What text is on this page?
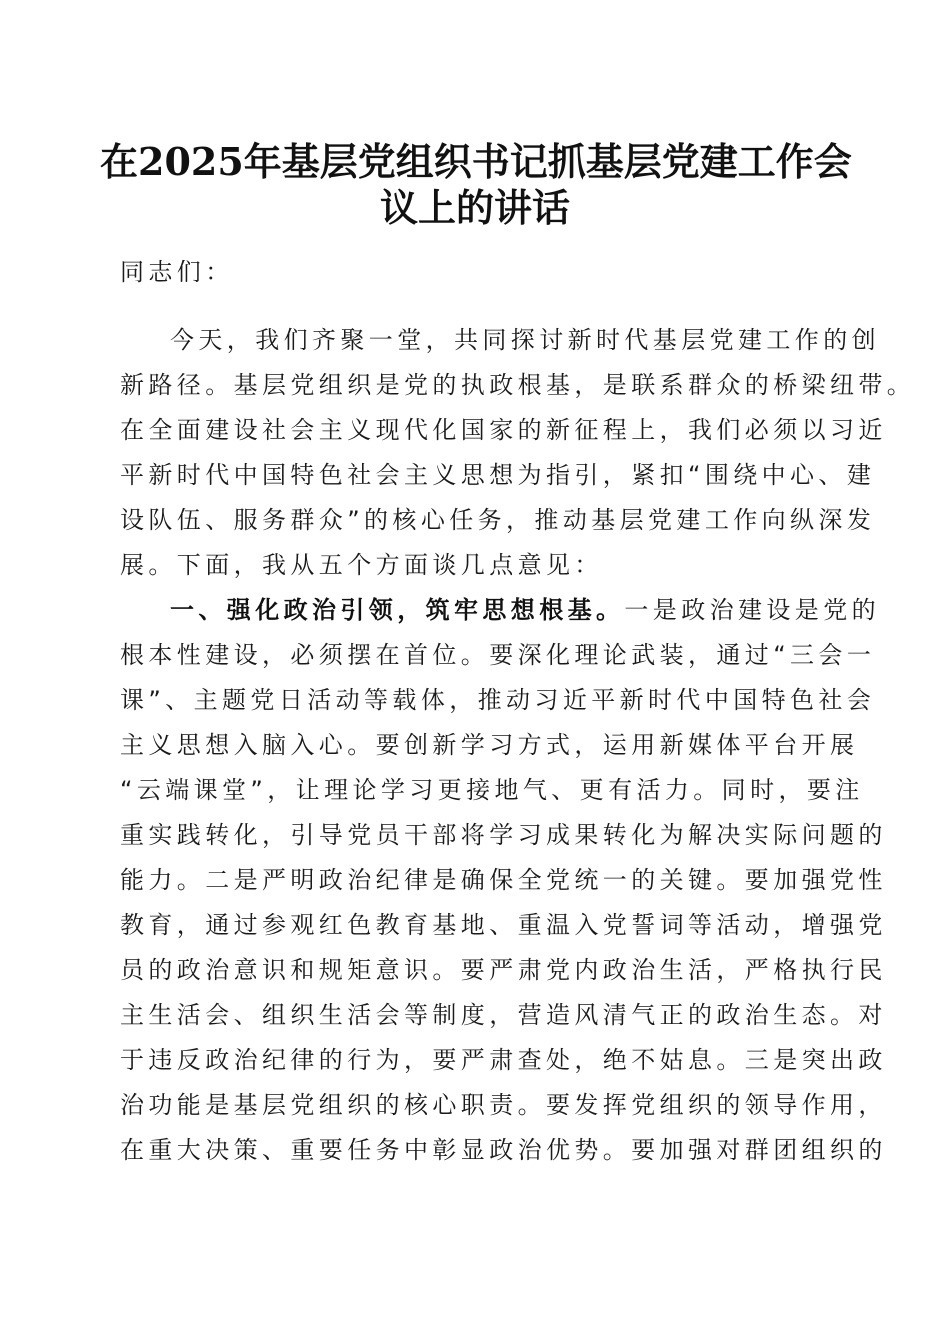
在2025年基层党组织书记抓基层党建工作会
议上的讲话
同志们：
今天，我们齐聚一堂，共同探讨新时代基层党建工作的创
新路径。基层党组织是党的执政根基，是联系群众的桥梁纽带。
在全面建设社会主义现代化国家的新征程上，我们必须以习近
平新时代中国特色社会主义思想为指引，紧扣“围绕中心、建
设队伍、服务群众”的核心任务，推动基层党建工作向纵深发
展。下面，我从五个方面谈几点意见：
一、强化政治引领，筑牢思想根基。一是政治建设是党的
根本性建设，必须摆在首位。要深化理论武装，通过“三会一
课”、主题党日活动等载体，推动习近平新时代中国特色社会
主义思想入脑入心。要创新学习方式，运用新媒体平台开展
“云端课堂”，让理论学习更接地气、更有活力。同时，要注
重实践转化，引导党员干部将学习成果转化为解决实际问题的
能力。二是严明政治纪律是确保全党统一的关键。要加强党性
教育，通过参观红色教育基地、重温入党誓词等活动，增强党
员的政治意识和规矩意识。要严肃党内政治生活，严格执行民
主生活会、组织生活会等制度，营造风清气正的政治生态。对
于违反政治纪律的行为，要严肃查处，绝不姑息。三是突出政
治功能是基层党组织的核心职责。要发挥党组织的领导作用，
在重大决策、重要任务中彰显政治优势。要加强对群团组织的
